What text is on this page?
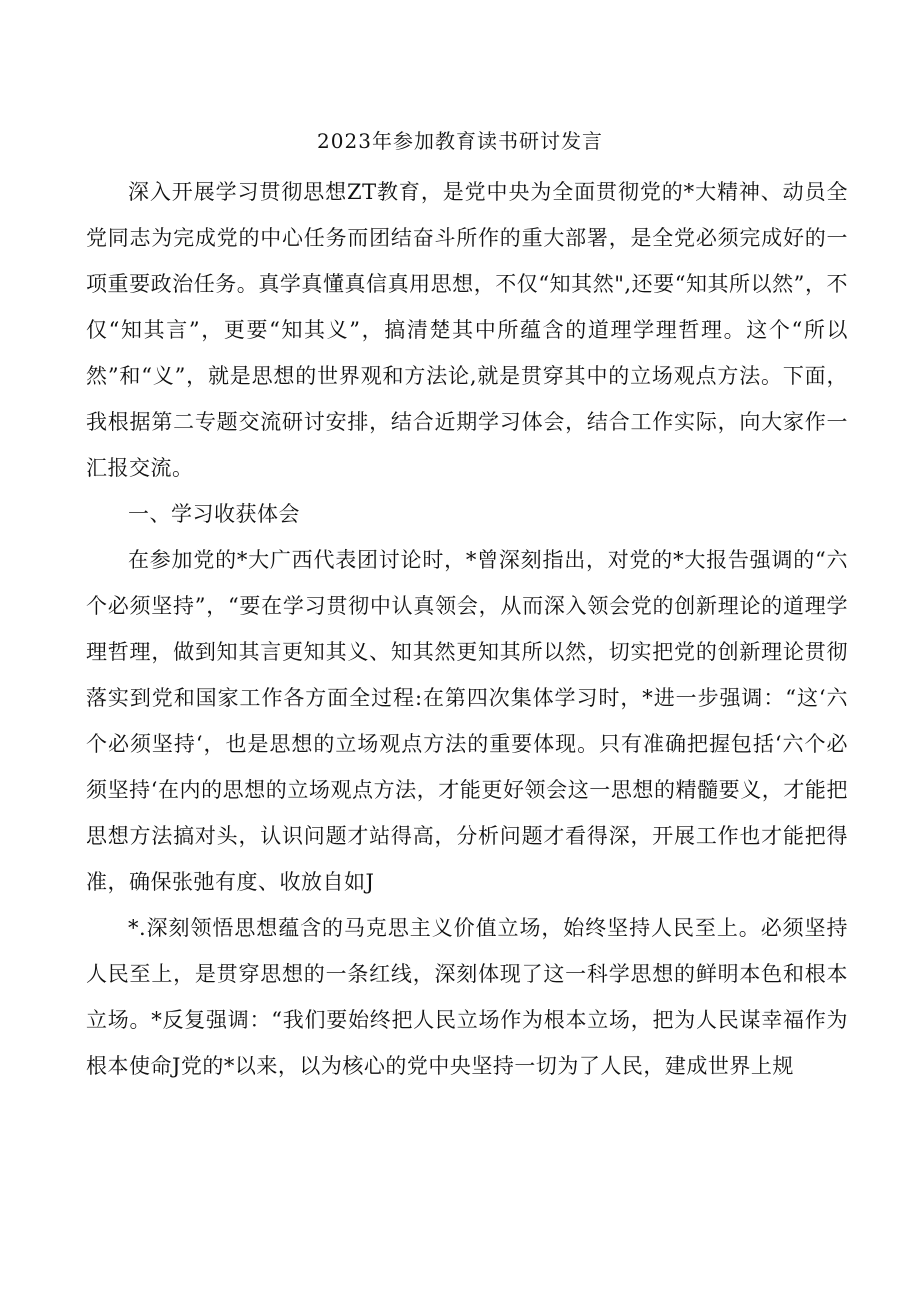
2023年参加教育读书研讨发言

深入开展学习贯彻思想ZT教育，是党中央为全面贯彻党的*大精神、动员全党同志为完成党的中心任务而团结奋斗所作的重大部署，是全党必须完成好的一项重要政治任务。真学真懂真信真用思想，不仅“知其然",还要“知其所以然”，不仅“知其言”，更要“知其义”，搞清楚其中所蕴含的道理学理哲理。这个“所以然”和“义”，就是思想的世界观和方法论,就是贯穿其中的立场观点方法。下面，我根据第二专题交流研讨安排，结合近期学习体会，结合工作实际，向大家作一汇报交流。

一、学习收获体会

在参加党的*大广西代表团讨论时，*曾深刻指出，对党的*大报告强调的“六个必须坚持”，“要在学习贯彻中认真领会，从而深入领会党的创新理论的道理学理哲理，做到知其言更知其义、知其然更知其所以然，切实把党的创新理论贯彻落实到党和国家工作各方面全过程:在第四次集体学习时，*进一步强调：“这‘六个必须坚持‘，也是思想的立场观点方法的重要体现。只有准确把握包括‘六个必须坚持‘在内的思想的立场观点方法，才能更好领会这一思想的精髓要义，才能把思想方法搞对头，认识问题才站得高，分析问题才看得深，开展工作也才能把得准，确保张弛有度、收放自如J

*.深刻领悟思想蕴含的马克思主义价值立场，始终坚持人民至上。必须坚持人民至上，是贯穿思想的一条红线，深刻体现了这一科学思想的鲜明本色和根本立场。*反复强调：“我们要始终把人民立场作为根本立场，把为人民谋幸福作为根本使命J党的*以来，以为核心的党中央坚持一切为了人民，建成世界上规
